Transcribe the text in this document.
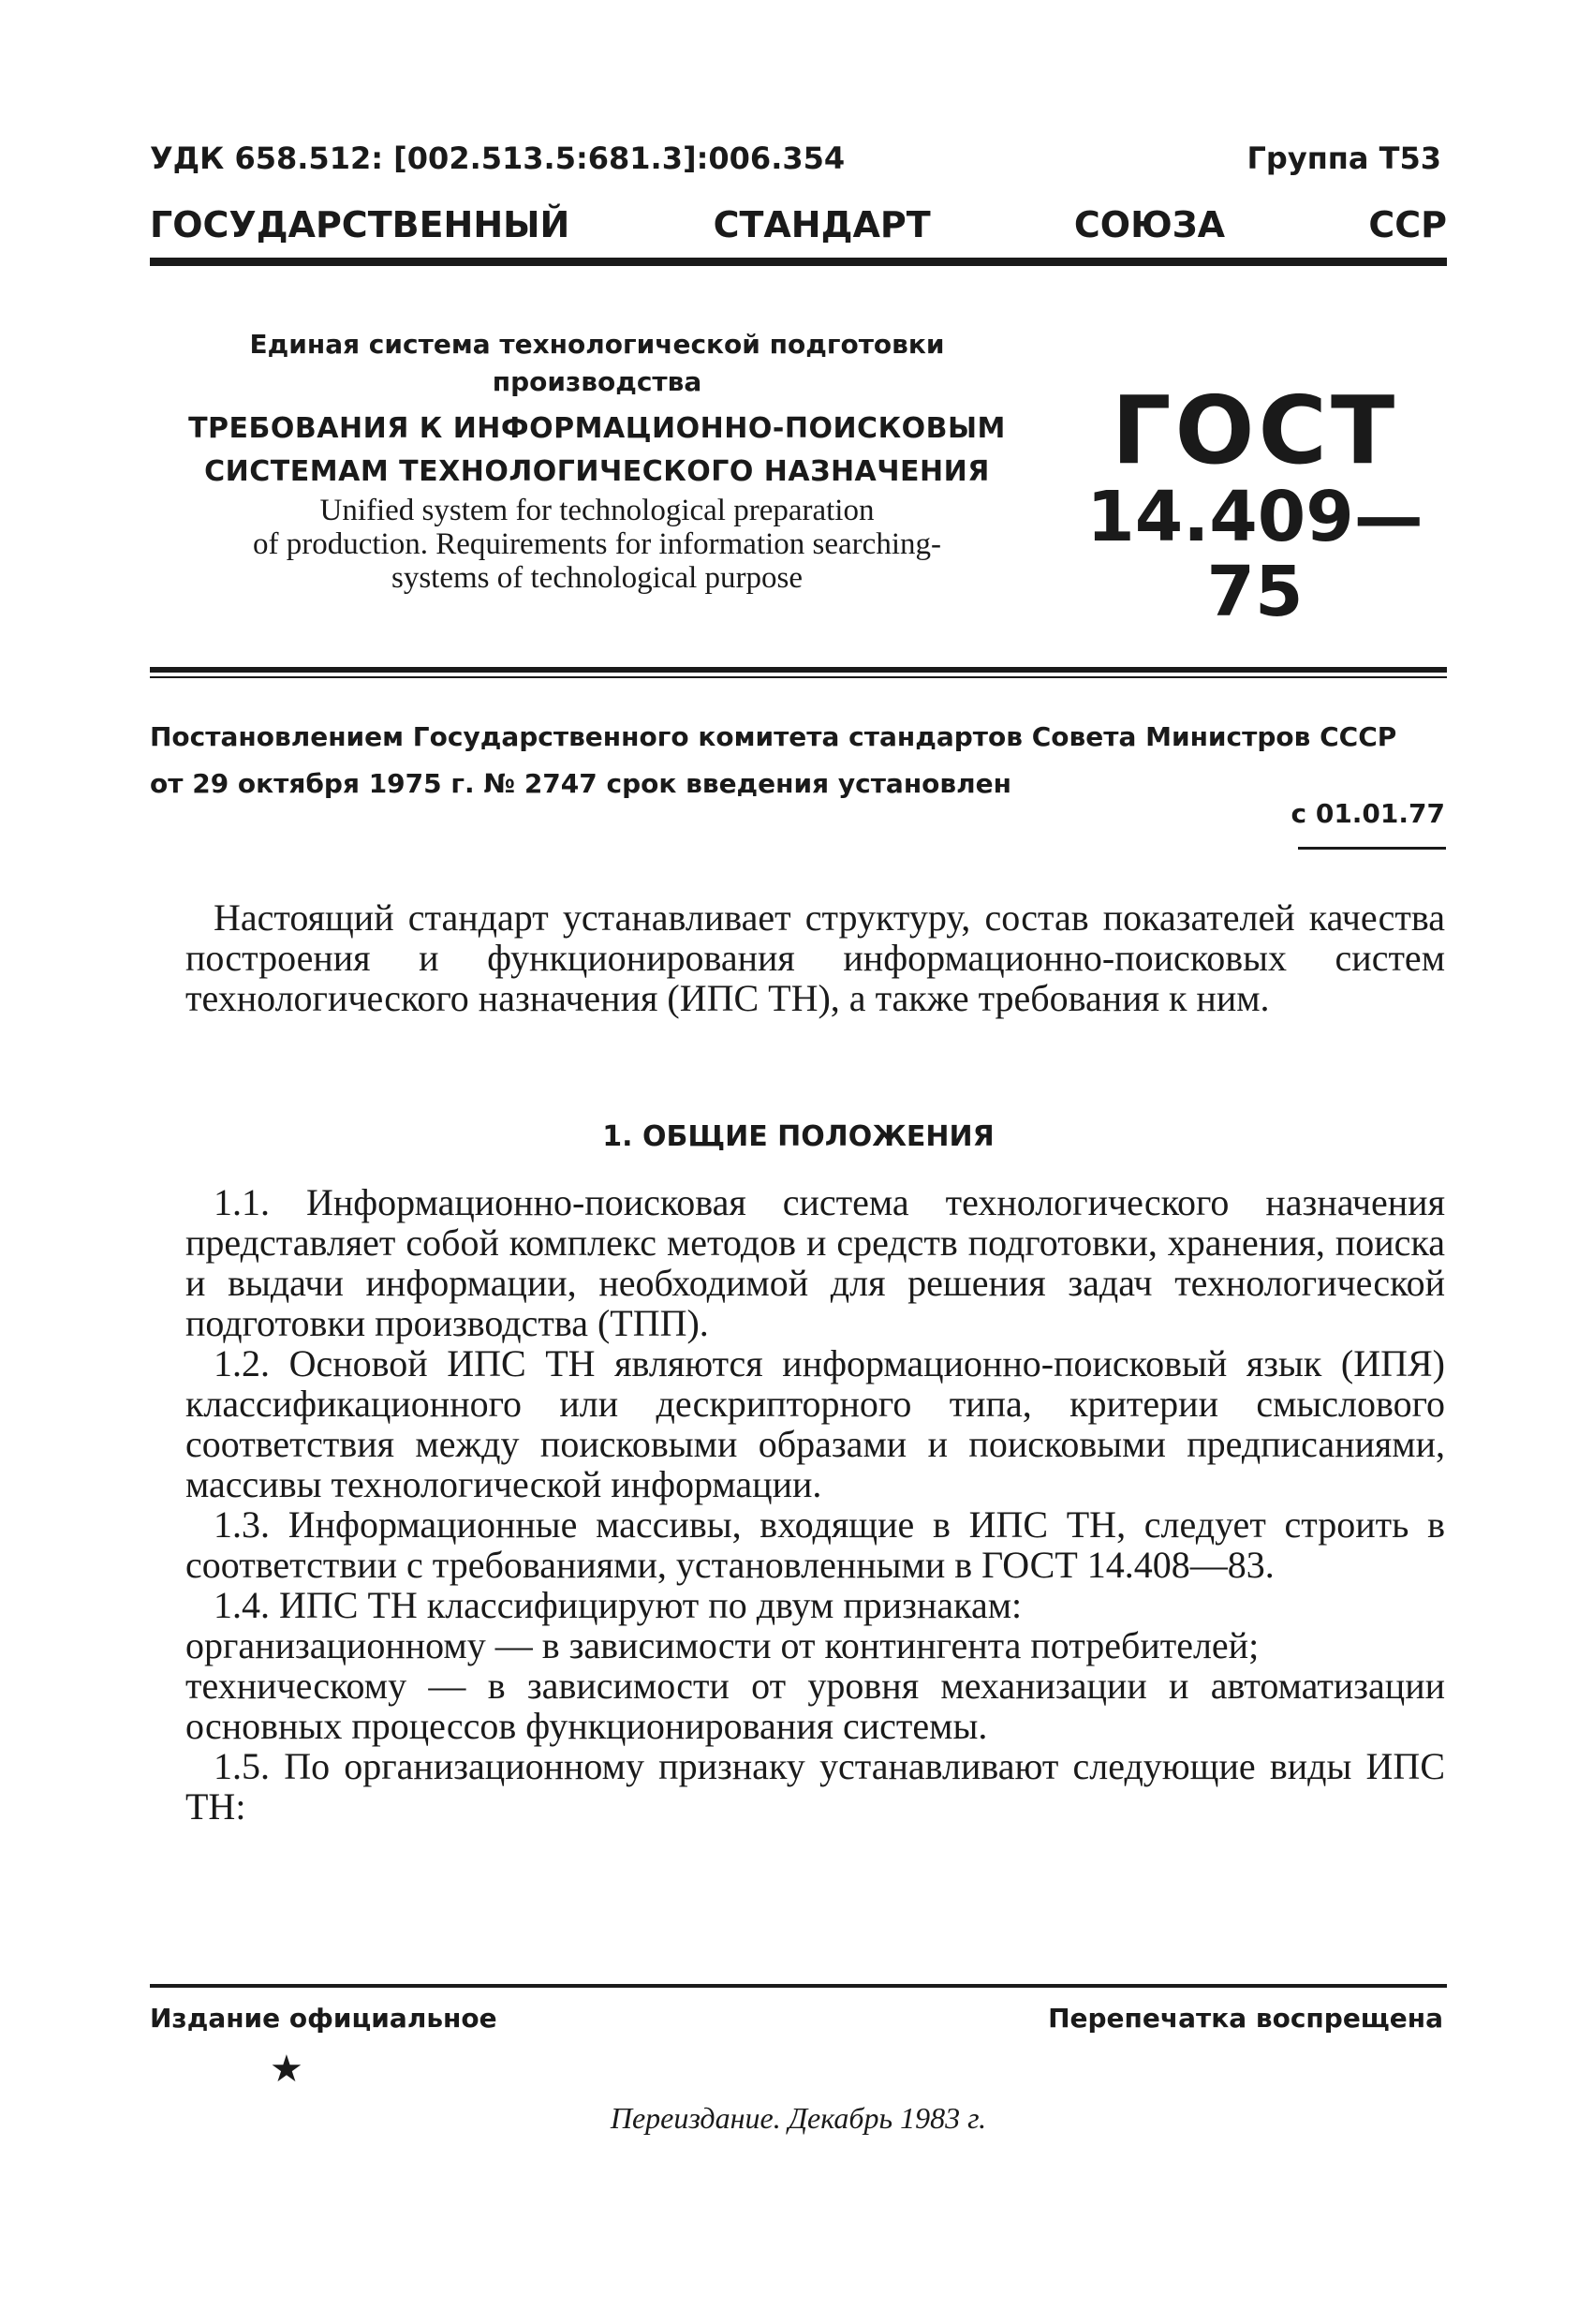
УДК 658.512: [002.513.5:681.3]:006.354	Группа Т53
ГОСУДАРСТВЕННЫЙ	СТАНДАРТ	СОЮЗА	ССР
Единая система технологической подготовки
производства
ТРЕБОВАНИЯ К ИНФОРМАЦИОННО-ПОИСКОВЫМ
СИСТЕМАМ ТЕХНОЛОГИЧЕСКОГО НАЗНАЧЕНИЯ
Unified system for technological preparation
of production. Requirements for information searching-
systems of technological purpose
ГОСТ
14.409—75
Постановлением Государственного комитета стандартов Совета Министров СССР
от 29 октября 1975 г. № 2747 срок введения установлен
с 01.01.77

Настоящий стандарт устанавливает структуру, состав показателей качества построения и функционирования информационно-поисковых систем технологического назначения (ИПС ТН), а также требования к ним.

1. ОБЩИЕ ПОЛОЖЕНИЯ

1.1. Информационно-поисковая система технологического назначения представляет собой комплекс методов и средств подготовки, хранения, поиска и выдачи информации, необходимой для решения задач технологической подготовки производства (ТПП).

1.2. Основой ИПС ТН являются информационно-поисковый язык (ИПЯ) классификационного или дескрипторного типа, критерии смыслового соответствия между поисковыми образами и поисковыми предписаниями, массивы технологической информации.

1.3. Информационные массивы, входящие в ИПС ТН, следует строить в соответствии с требованиями, установленными в ГОСТ 14.408—83.

1.4. ИПС ТН классифицируют по двум признакам:

организационному — в зависимости от контингента потребителей;

техническому — в зависимости от уровня механизации и автоматизации основных процессов функционирования системы.

1.5. По организационному признаку устанавливают следующие виды ИПС ТН:

Издание официальное	Перепечатка воспрещена
★
Переиздание. Декабрь 1983 г.
